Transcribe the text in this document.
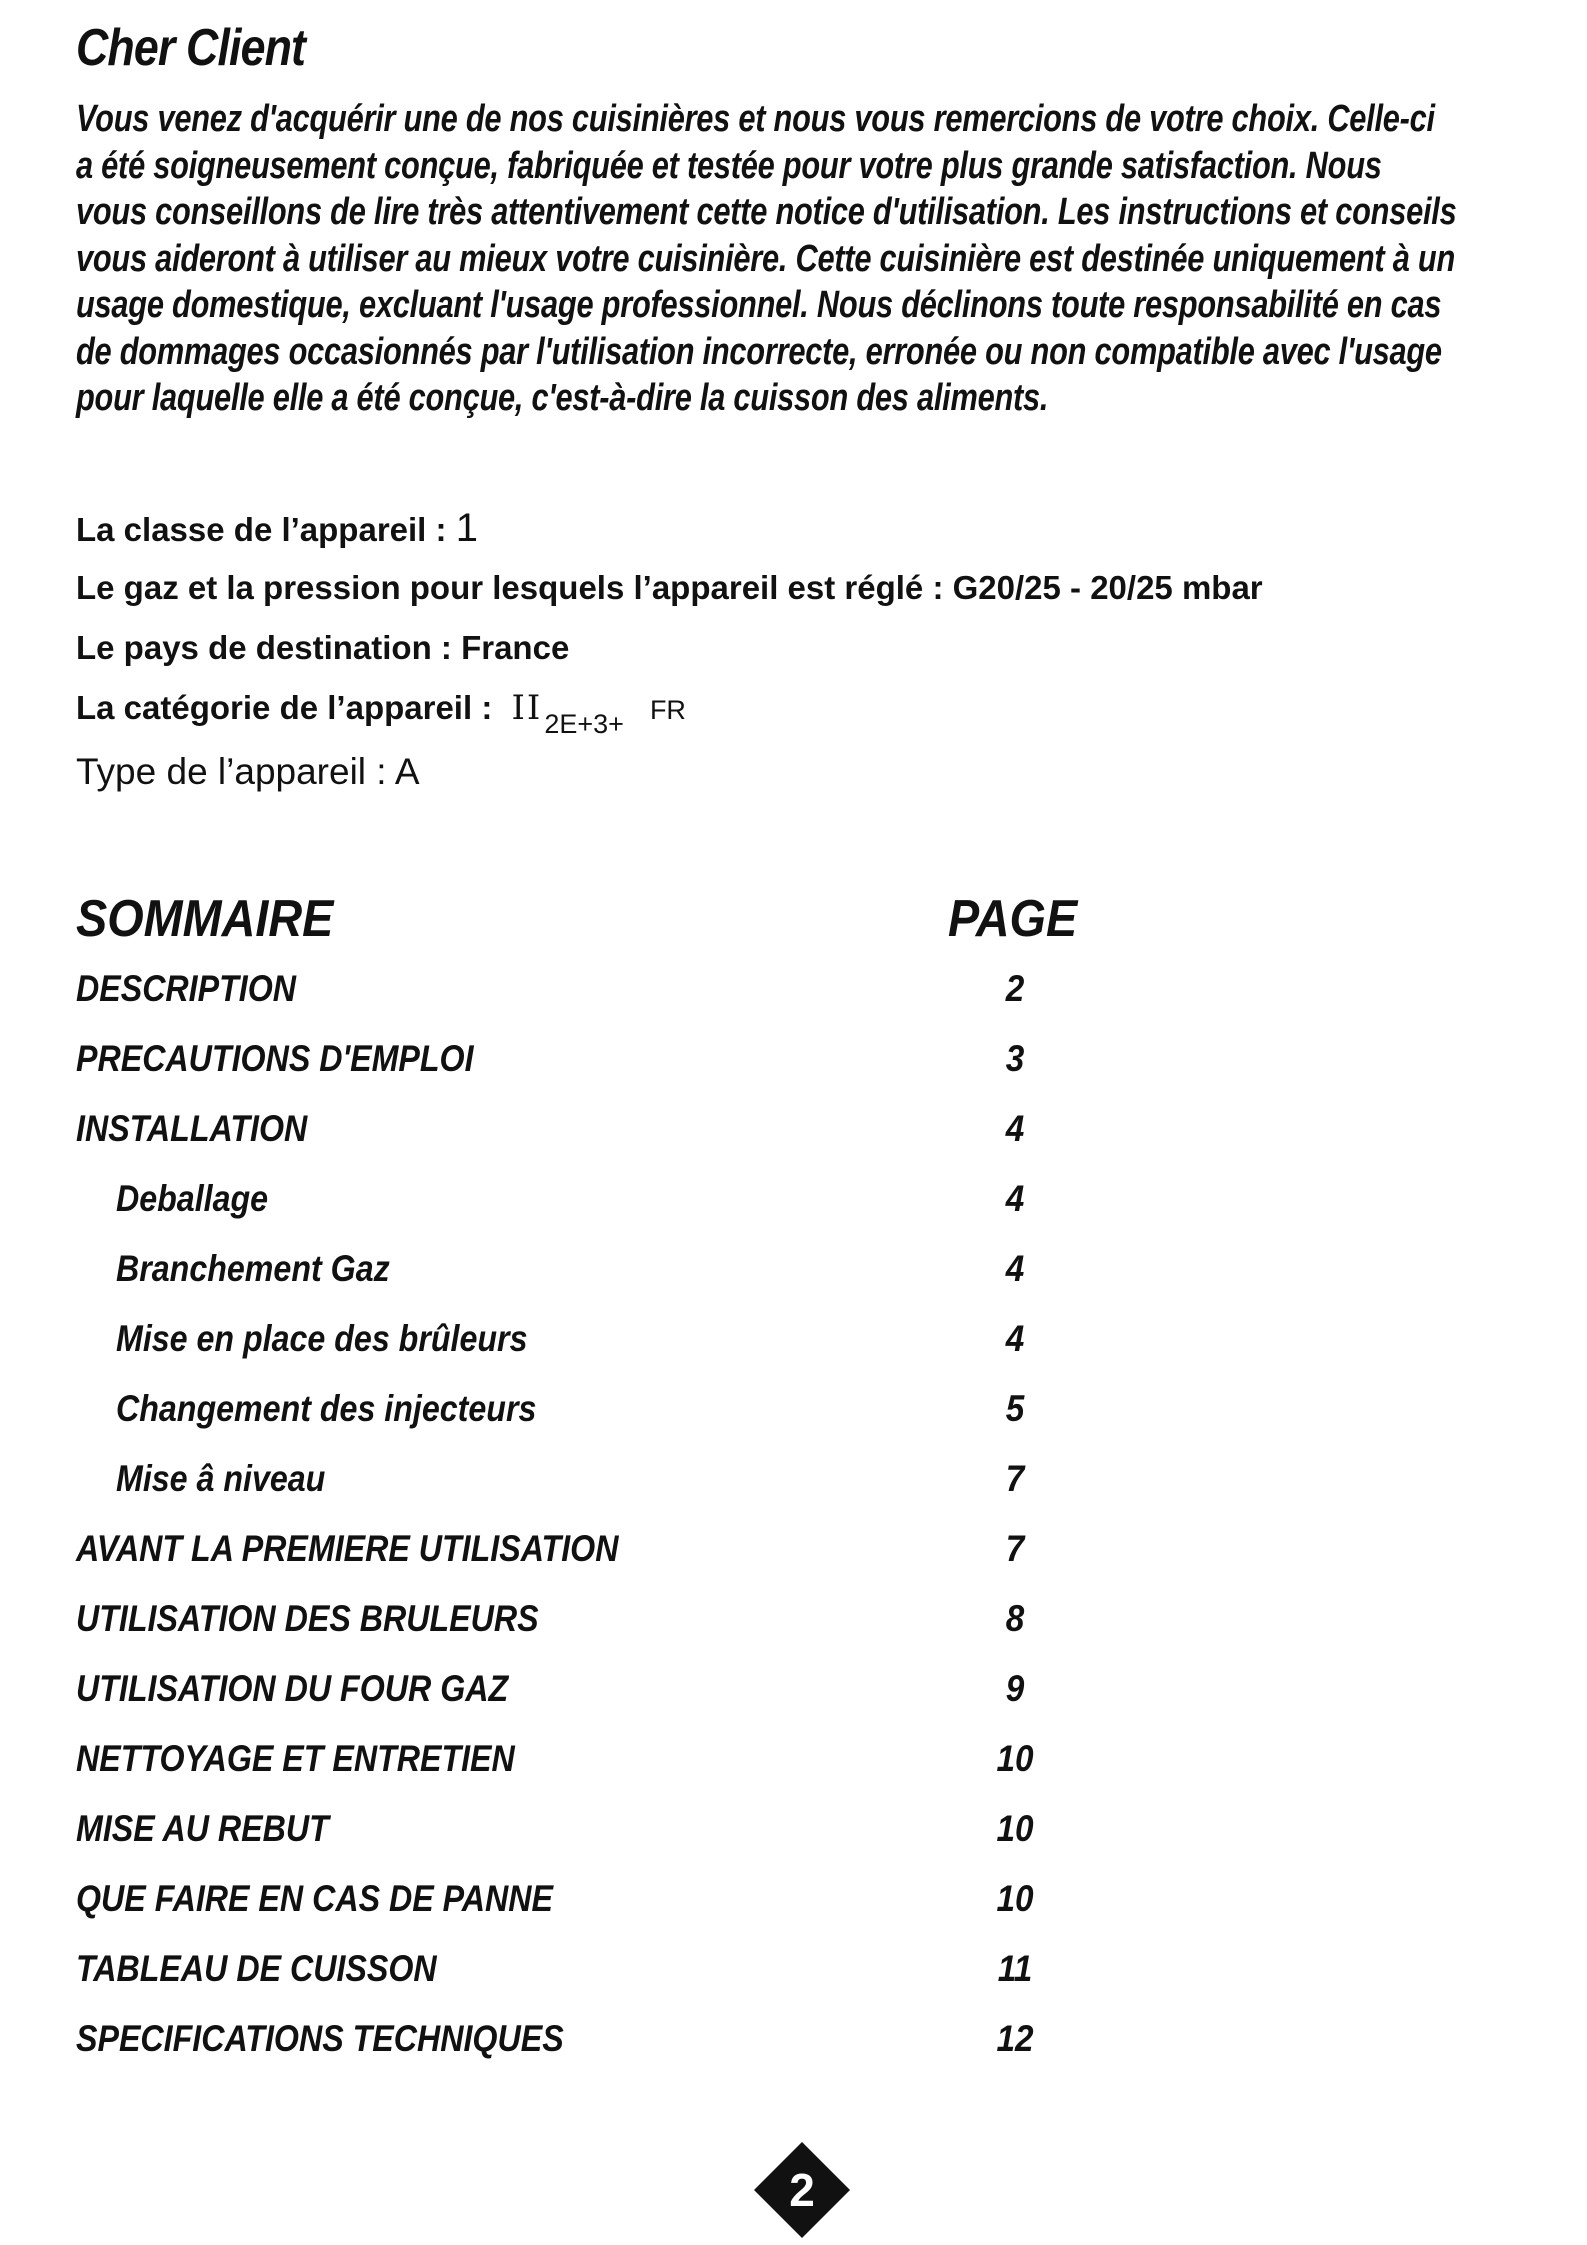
Cher Client

Vous venez d'acquérir une de nos cuisinières et nous vous remercions de votre choix. Celle-ci
a été soigneusement conçue, fabriquée et testée pour votre plus grande satisfaction. Nous
vous conseillons de lire très attentivement cette notice d'utilisation. Les instructions et conseils
vous aideront à utiliser au mieux votre cuisinière. Cette cuisinière est destinée uniquement à un
usage domestique, excluant l'usage professionnel. Nous déclinons toute responsabilité en cas
de dommages occasionnés par l'utilisation incorrecte, erronée ou non compatible avec l'usage
pour laquelle elle a été conçue, c'est-à-dire la cuisson des aliments.

La classe de l’appareil : 1
Le gaz et la pression pour lesquels l’appareil est réglé : G20/25 - 20/25 mbar
Le pays de destination : France
La catégorie de l’appareil : $II_{2E+3+}$ FR
Type de l’appareil : A
SOMMAIRE	PAGE
DESCRIPTION	2
PRECAUTIONS D'EMPLOI	3
INSTALLATION	4
Deballage	4
Branchement Gaz	4
Mise en place des brûleurs	4
Changement des injecteurs	5
Mise â niveau	7
AVANT LA PREMIERE UTILISATION	7
UTILISATION DES BRULEURS	8
UTILISATION DU FOUR GAZ	9
NETTOYAGE ET ENTRETIEN	10
MISE AU REBUT	10
QUE FAIRE EN CAS DE PANNE	10
TABLEAU DE CUISSON	11
SPECIFICATIONS TECHNIQUES	12
2
